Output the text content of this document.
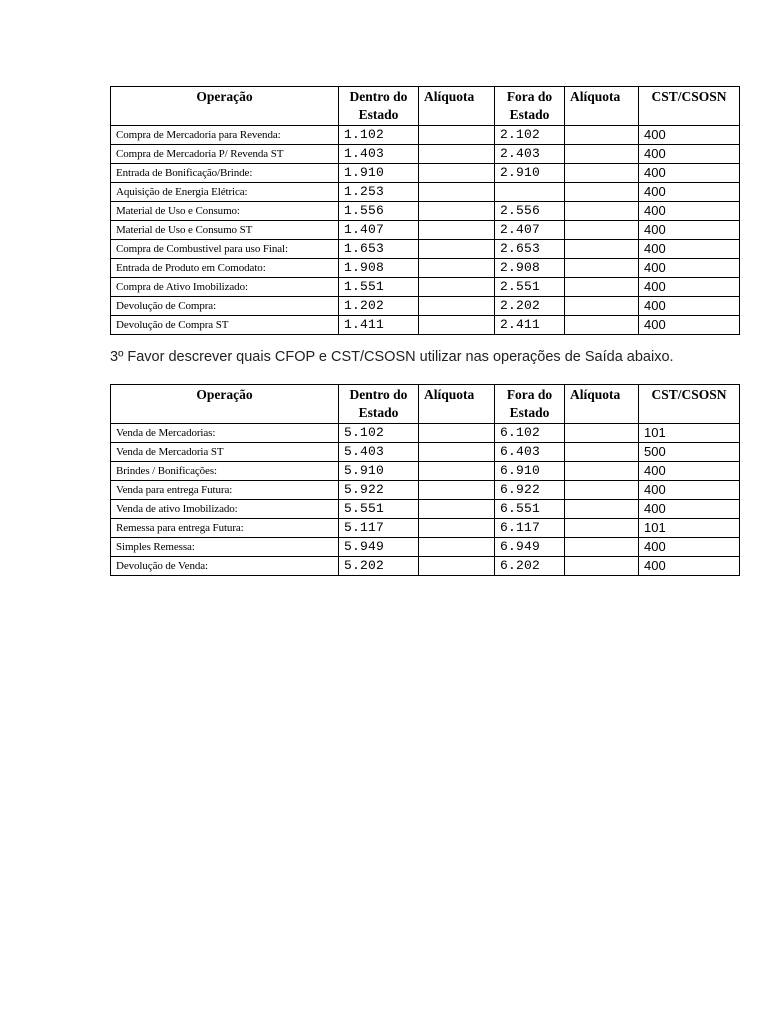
Operação	Dentro do Estado	Alíquota	Fora do Estado	Alíquota	CST/CSOSN
Compra de Mercadoria para Revenda:	1.102		2.102		400
Compra de Mercadoria P/ Revenda ST	1.403		2.403		400
Entrada de Bonificação/Brinde:	1.910		2.910		400
Aquisição de Energia Elétrica:	1.253				400
Material de Uso e Consumo:	1.556		2.556		400
Material de Uso e Consumo ST	1.407		2.407		400
Compra de Combustivel para uso Final:	1.653		2.653		400
Entrada de Produto em Comodato:	1.908		2.908		400
Compra de Ativo Imobilizado:	1.551		2.551		400
Devolução de Compra:	1.202		2.202		400
Devolução de Compra ST	1.411		2.411		400

3º Favor descrever quais CFOP e CST/CSOSN utilizar nas operações de Saída abaixo.

Operação	Dentro do Estado	Alíquota	Fora do Estado	Alíquota	CST/CSOSN
Venda de Mercadorias:	5.102		6.102		101
Venda de Mercadoria ST	5.403		6.403		500
Brindes / Bonificações:	5.910		6.910		400
Venda para entrega Futura:	5.922		6.922		400
Venda de ativo Imobilizado:	5.551		6.551		400
Remessa para entrega Futura:	5.117		6.117		101
Simples Remessa:	5.949		6.949		400
Devolução de Venda:	5.202		6.202		400
